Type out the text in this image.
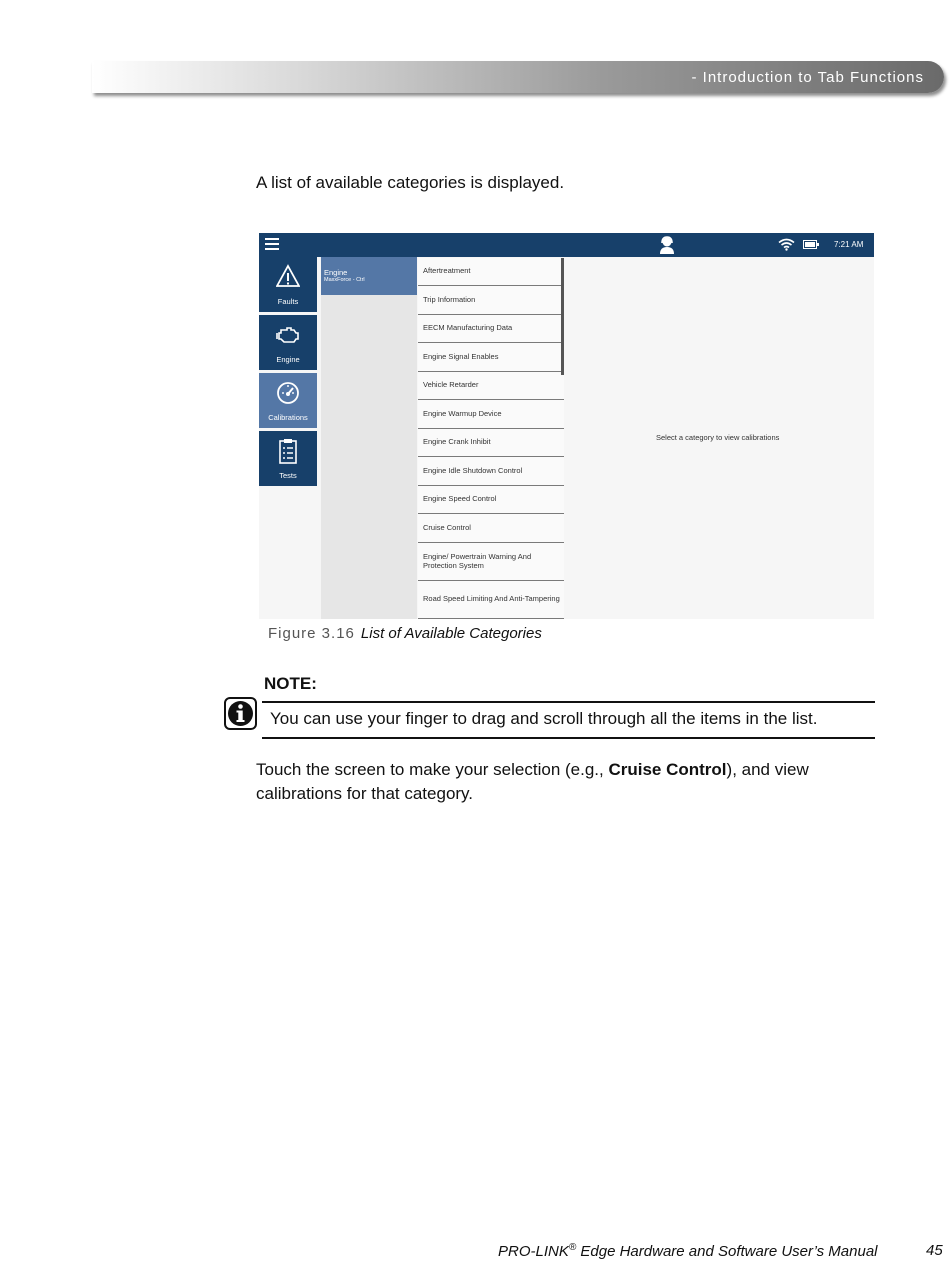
- Introduction to Tab Functions

A list of available categories is displayed.

7:21 AM
Faults
Engine
Calibrations
Tests
Engine
MaxxForce - Ctrl
Aftertreatment
Trip Information
EECM Manufacturing Data
Engine Signal Enables
Vehicle Retarder
Engine Warmup Device
Engine Crank Inhibit
Engine Idle Shutdown Control
Engine Speed Control
Cruise Control
Engine/ Powertrain Warning And Protection System
Road Speed Limiting And Anti-Tampering
Select a category to view calibrations
Figure 3.16 List of Available Categories
NOTE:
You can use your finger to drag and scroll through all the items in the list.

Touch the screen to make your selection (e.g., Cruise Control), and view calibrations for that category.

PRO-LINK® Edge Hardware and Software User’s Manual	45
